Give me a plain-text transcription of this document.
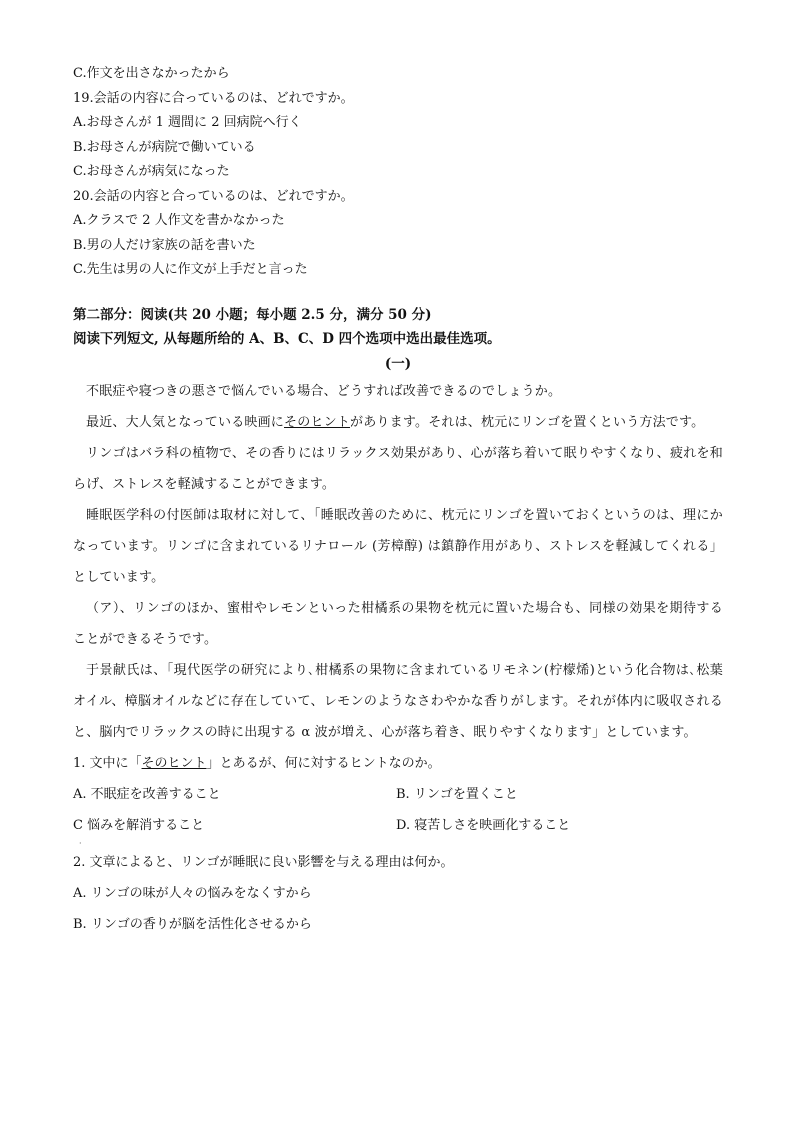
C.作文を出さなかったから
19.会話の内容に合っているのは、どれですか。
A.お母さんが 1 週間に 2 回病院へ行く
B.お母さんが病院で働いている
C.お母さんが病気になった
20.会話の内容と合っているのは、どれですか。
A.クラスで 2 人作文を書かなかった
B.男の人だけ家族の話を書いた
C.先生は男の人に作文が上手だと言った
第二部分：阅读(共 20 小题；每小题 2.5 分，满分 50 分)
阅读下列短文, 从每题所给的 A、B、C、D 四个选项中选出最佳选项。
(一)
不眠症や寝つきの悪さで悩んでいる場合、どうすれば改善できるのでしょうか。
最近、大人気となっている映画にそのヒントがあります。それは、枕元にリンゴを置くという方法です。
リンゴはバラ科の植物で、その香りにはリラックス効果があり、心が落ち着いて眠りやすくなり、疲れを和らげ、ストレスを軽減することができます。
睡眠医学科の付医師は取材に対して、「睡眠改善のために、枕元にリンゴを置いておくというのは、理にかなっています。リンゴに含まれているリナロール (芳樟醇) は鎮静作用があり、ストレスを軽減してくれる」としています。
（ア）、リンゴのほか、蜜柑やレモンといった柑橘系の果物を枕元に置いた場合も、同様の効果を期待することができるそうです。
于景献氏は、「現代医学の研究により､柑橘系の果物に含まれているリモネン(柠檬烯)という化合物は､松葉オイル、樟脳オイルなどに存在していて、レモンのようなさわやかな香りがします。それが体内に吸収されると、脳内でリラックスの時に出現する α 波が増え、心が落ち着き、眠りやすくなります」としています。
1. 文中に「そのヒント」とあるが、何に対するヒントなのか。
A. 不眠症を改善すること	B. リンゴを置くこと
C 悩みを解消すること	D. 寝苦しさを映画化すること
·
2. 文章によると、リンゴが睡眠に良い影響を与える理由は何か。
A. リンゴの味が人々の悩みをなくすから
B. リンゴの香りが脳を活性化させるから
